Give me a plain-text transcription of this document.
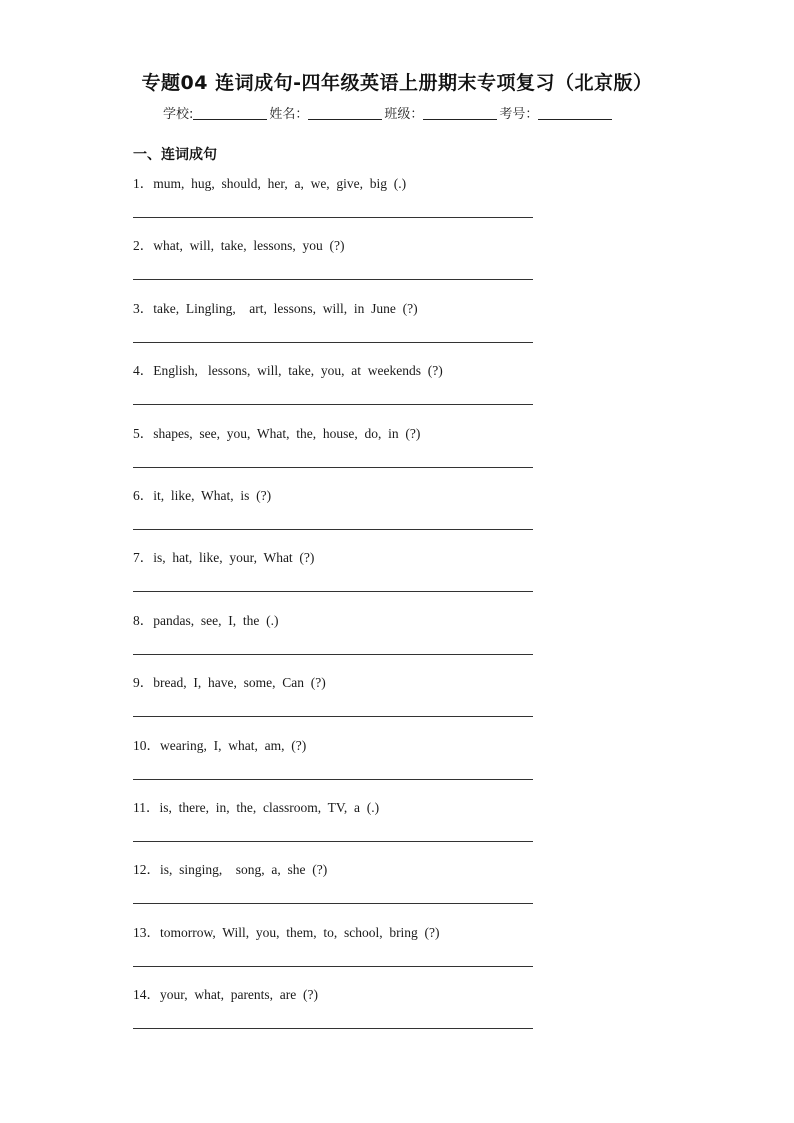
专题04 连词成句-四年级英语上册期末专项复习（北京版）
学校:	姓名：	班级：	考号：
一、连词成句
1．mum,  hug,  should,  her,  a,  we,  give,  big  (.)
2．what,  will,  take,  lessons,  you  (?)
3．take,  Lingling,    art,  lessons,  will,  in  June  (?)
4．English,   lessons,  will,  take,  you,  at  weekends  (?)
5．shapes,  see,  you,  What,  the,  house,  do,  in  (?)
6．it,  like,  What,  is  (?)
7．is,  hat,  like,  your,  What  (?)
8．pandas,  see,  I,  the  (.)
9．bread,  I,  have,  some,  Can  (?)
10．wearing,  I,  what,  am,  (?)
11．is,  there,  in,  the,  classroom,  TV,  a  (.)
12．is,  singing,    song,  a,  she  (?)
13．tomorrow,  Will,  you,  them,  to,  school,  bring  (?)
14．your,  what,  parents,  are  (?)
